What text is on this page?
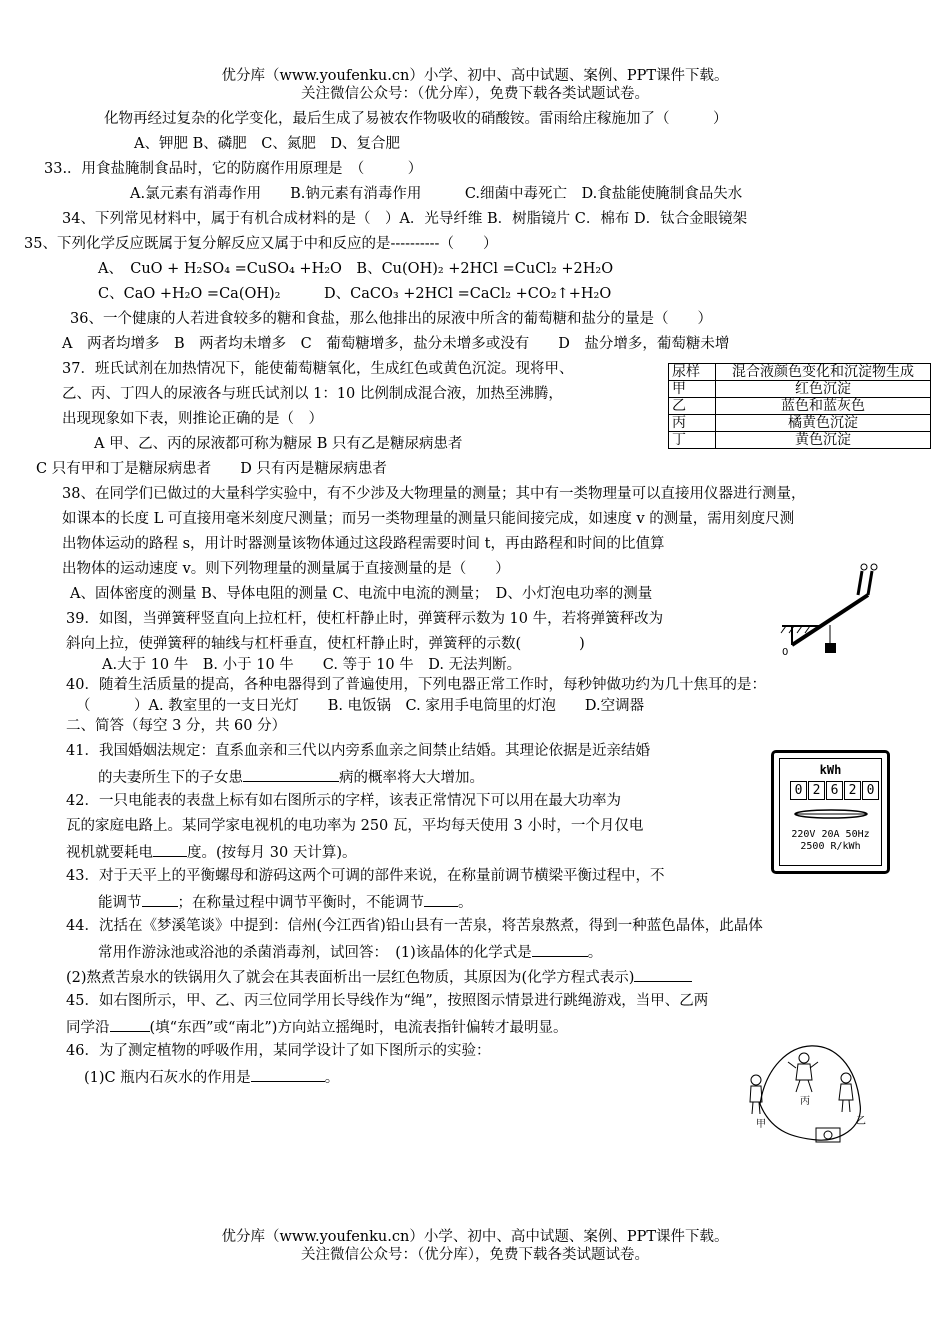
优分库（www.youfenku.cn）小学、初中、高中试题、案例、PPT课件下载。
关注微信公众号：（优分库），免费下载各类试题试卷。
化物再经过复杂的化学变化，最后生成了易被农作物吸收的硝酸铵。雷雨给庄稼施加了（　　　）
A、钾肥 B、磷肥　C、氮肥　D、复合肥
33.．用食盐腌制食品时，它的防腐作用原理是　（　　　）
A.氯元素有消毒作用　　B.钠元素有消毒作用　　　C.细菌中毒死亡　D.食盐能使腌制食品失水
34、下列常见材料中，属于有机合成材料的是（　）A．光导纤维 B．树脂镜片 C．棉布 D．钛合金眼镜架
35、下列化学反应既属于复分解反应又属于中和反应的是----------（　　）
A、　CuO + H₂SO₄ =CuSO₄ +H₂O　B、Cu(OH)₂ +2HCl =CuCl₂ +2H₂O
C、CaO +H₂O =Ca(OH)₂　　　D、CaCO₃ +2HCl =CaCl₂ +CO₂↑+H₂O
36、一个健康的人若进食较多的糖和食盐，那么他排出的尿液中所含的葡萄糖和盐分的量是（　　）
A　两者均增多　B　两者均未增多　C　葡萄糖增多，盐分未增多或没有　　D　盐分增多，葡萄糖未增
37．班氏试剂在加热情况下，能使葡萄糖氧化，生成红色或黄色沉淀。现将甲、
乙、丙、丁四人的尿液各与班氏试剂以 1：10 比例制成混合液，加热至沸腾，
出现现象如下表，则推论正确的是（　）
A 甲、乙、丙的尿液都可称为糖尿 B 只有乙是糖尿病患者
C 只有甲和丁是糖尿病患者　　D 只有丙是糖尿病患者
尿样	混合液颜色变化和沉淀物生成
甲	红色沉淀
乙	蓝色和蓝灰色
丙	橘黄色沉淀
丁	黄色沉淀
38、在同学们已做过的大量科学实验中，有不少涉及大物理量的测量；其中有一类物理量可以直接用仪器进行测量，
如课本的长度 L 可直接用毫米刻度尺测量；而另一类物理量的测量只能间接完成，如速度 v 的测量，需用刻度尺测
出物体运动的路程 s，用计时器测量该物体通过这段路程需要时间 t，再由路程和时间的比值算
出物体的运动速度 v。则下列物理量的测量属于直接测量的是（　　）
A、固体密度的测量 B、导体电阻的测量 C、电流中电流的测量；　D、小灯泡电功率的测量
39．如图，当弹簧秤竖直向上拉杠杆，使杠杆静止时，弹簧秤示数为 10 牛，若将弹簧秤改为
斜向上拉，使弹簧秤的轴线与杠杆垂直，使杠杆静止时，弹簧秤的示数(　　　　)
A.大于 10 牛　B. 小于 10 牛　　C. 等于 10 牛　D. 无法判断。
0
40．随着生活质量的提高，各种电器得到了普遍使用，下列电器正常工作时，每秒钟做功约为几十焦耳的是：
（　　　）A. 教室里的一支日光灯　　B. 电饭锅　C. 家用手电筒里的灯泡　　D.空调器
二、简答（每空 3 分，共 60 分）
41．我国婚姻法规定：直系血亲和三代以内旁系血亲之间禁止结婚。其理论依据是近亲结婚
的夫妻所生下的子女患	病的概率将大大增加。
42．一只电能表的表盘上标有如右图所示的字样，该表正常情况下可以用在最大功率为
瓦的家庭电路上。某同学家电视机的电功率为 250 瓦，平均每天使用 3 小时，一个月仅电
视机就要耗电 度。(按每月 30 天计算)。
kWh
0 2 6 2 0
220V 20A 50Hz
2500 R/kWh
43．对于天平上的平衡螺母和游码这两个可调的部件来说，在称量前调节横梁平衡过程中，不
能调节 ；在称量过程中调节平衡时，不能调节 。
44．沈括在《梦溪笔谈》中提到：信州(今江西省)铅山县有一苦泉，将苦泉熬煮，得到一种蓝色晶体，此晶体
常用作游泳池或浴池的杀菌消毒剂，试回答：　(1)该晶体的化学式是	。
(2)熬煮苦泉水的铁锅用久了就会在其表面析出一层红色物质，其原因为(化学方程式表示)
45．如右图所示，甲、乙、丙三位同学用长导线作为“绳”，按照图示情景进行跳绳游戏，当甲、乙两
同学沿	(填“东西”或“南北”)方向站立摇绳时，电流表指针偏转才最明显。
46．为了测定植物的呼吸作用，某同学设计了如下图所示的实验：
(1)C 瓶内石灰水的作用是	。
甲
丙
乙
优分库（www.youfenku.cn）小学、初中、高中试题、案例、PPT课件下载。
关注微信公众号：（优分库），免费下载各类试题试卷。
